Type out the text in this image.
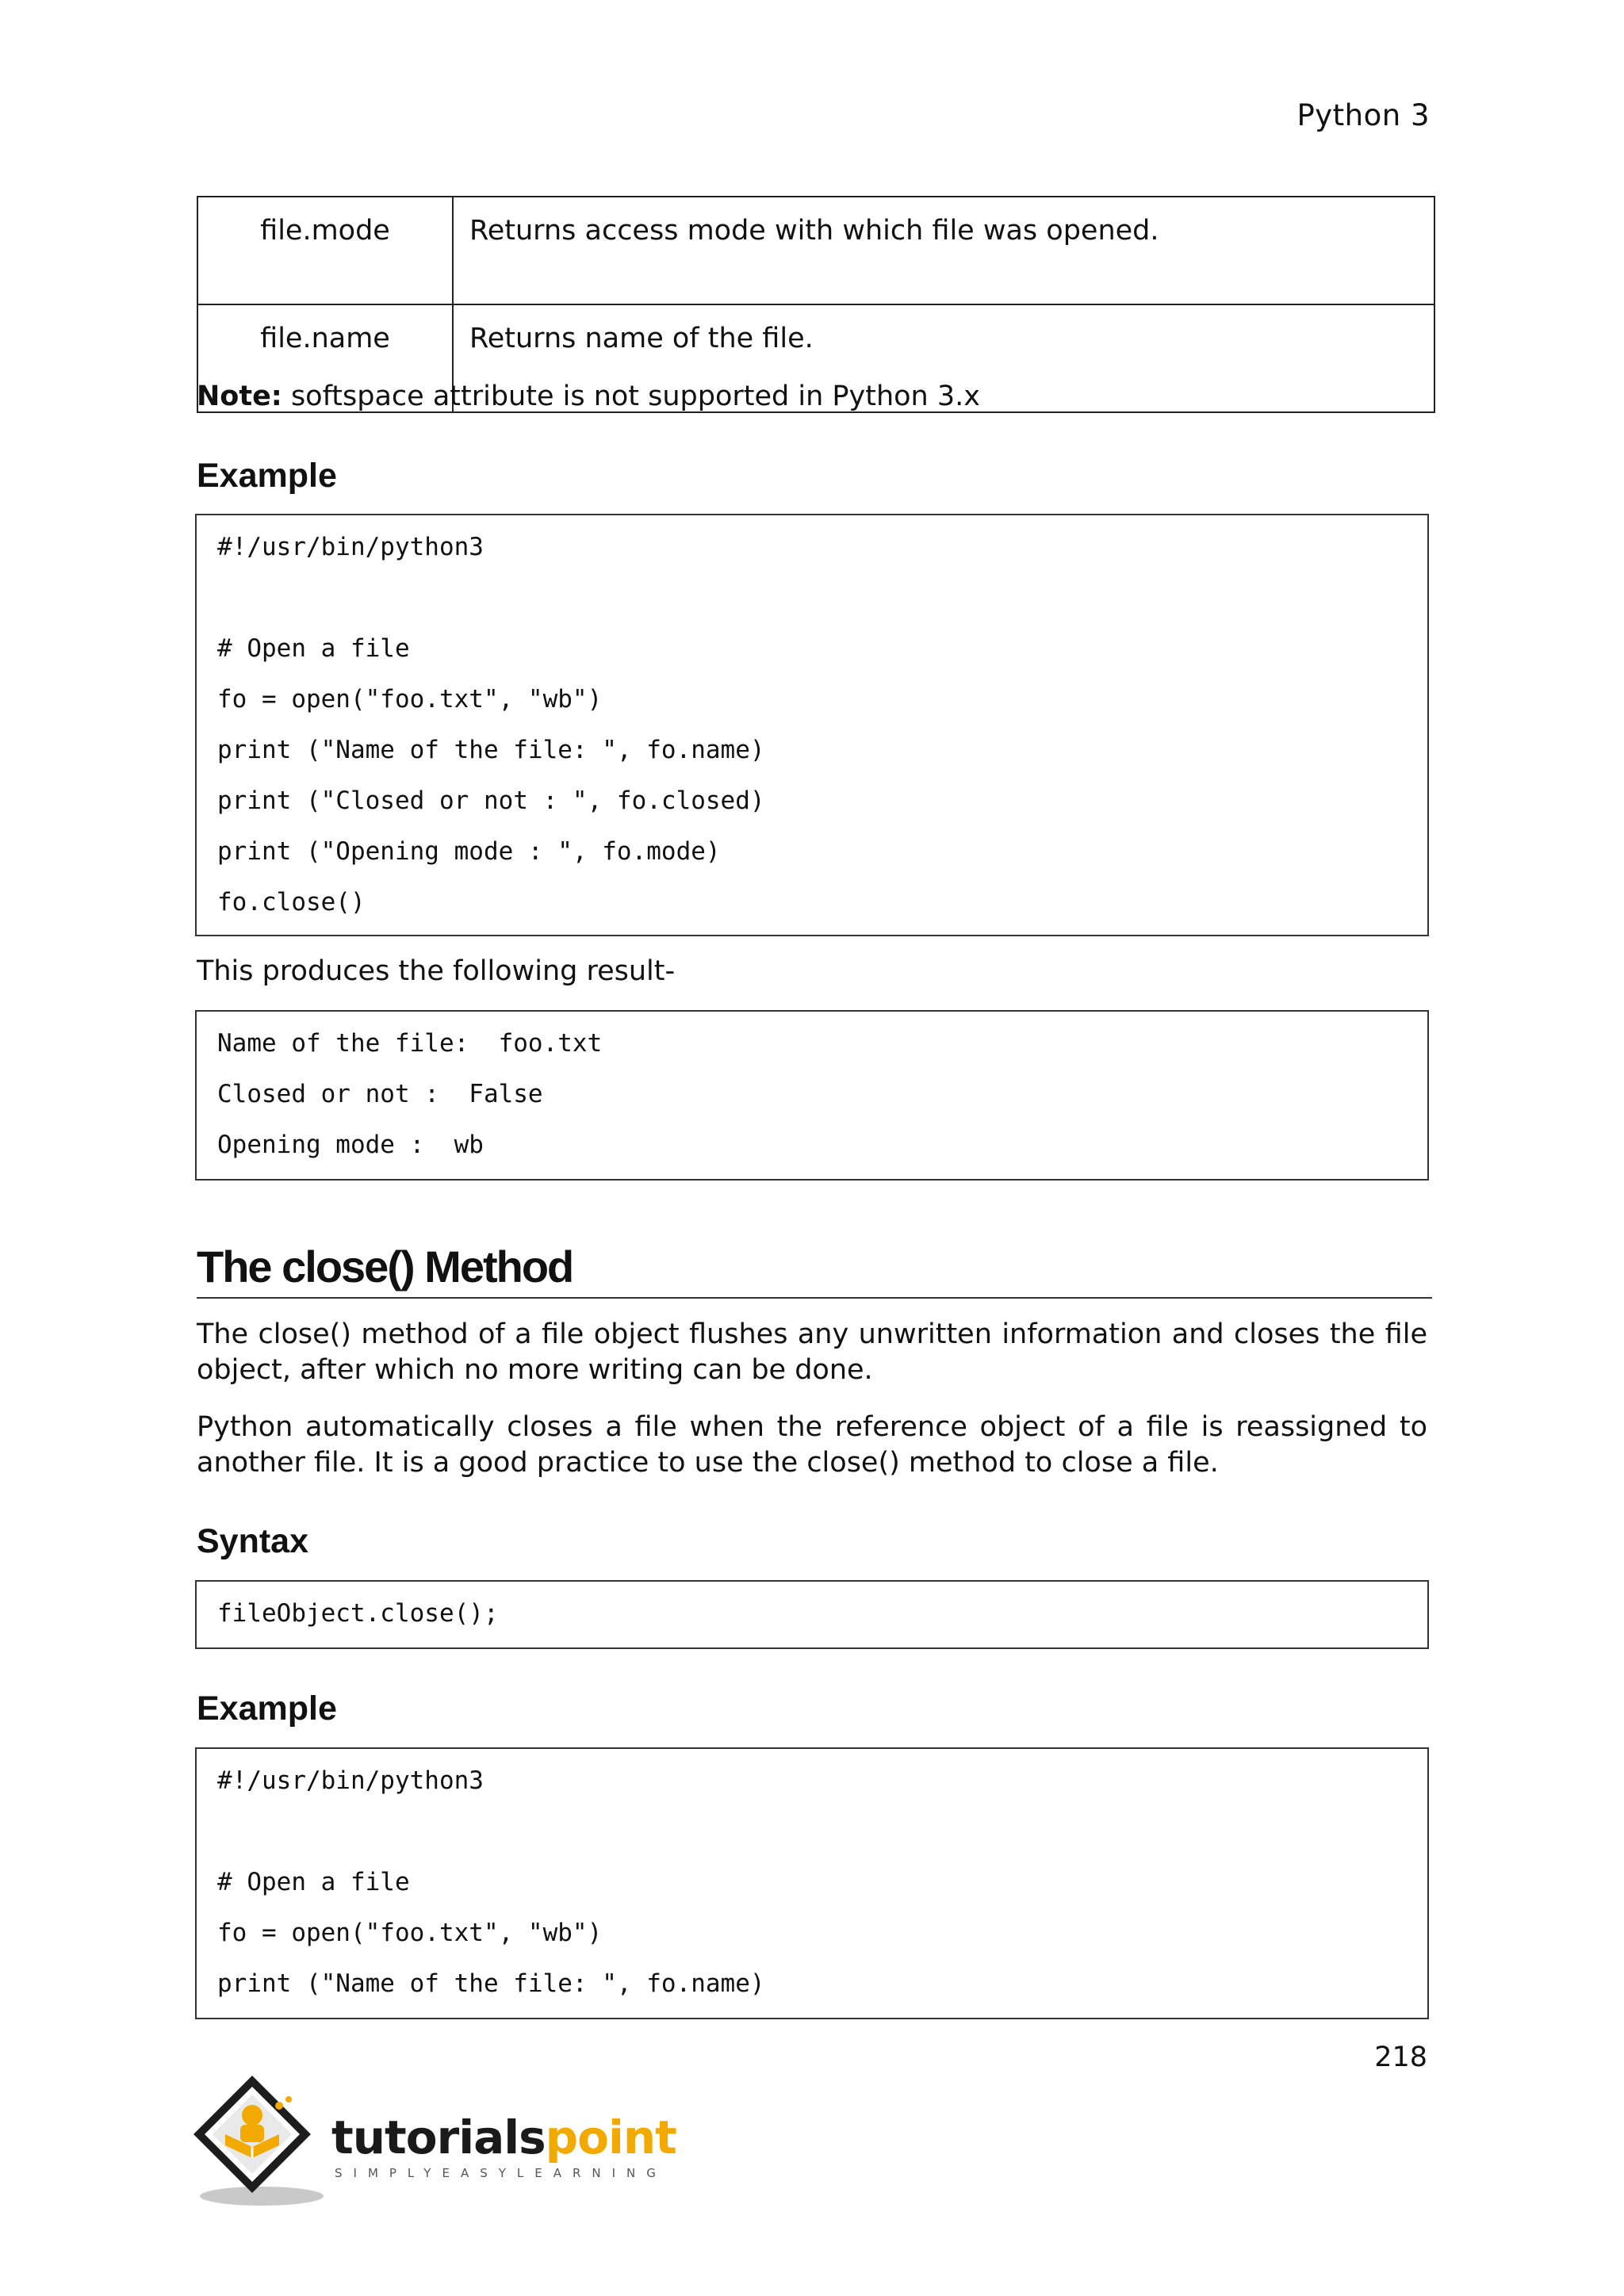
Python 3
file.mode	Returns access mode with which file was opened.
file.name	Returns name of the file.
Note: softspace attribute is not supported in Python 3.x
Example
#!/usr/bin/python3
# Open a file
fo = open("foo.txt", "wb")
print ("Name of the file: ", fo.name)
print ("Closed or not : ", fo.closed)
print ("Opening mode : ", fo.mode)
fo.close()
This produces the following result-
Name of the file:  foo.txt
Closed or not :  False
Opening mode :  wb
The close() Method
The close() method of a file object flushes any unwritten information and closes the file object, after which no more writing can be done.
Python automatically closes a file when the reference object of a file is reassigned to another file. It is a good practice to use the close() method to close a file.
Syntax
fileObject.close();
Example
#!/usr/bin/python3
# Open a file
fo = open("foo.txt", "wb")
print ("Name of the file: ", fo.name)
218
tutorialspoint
SIMPLYEASYLEARNING
